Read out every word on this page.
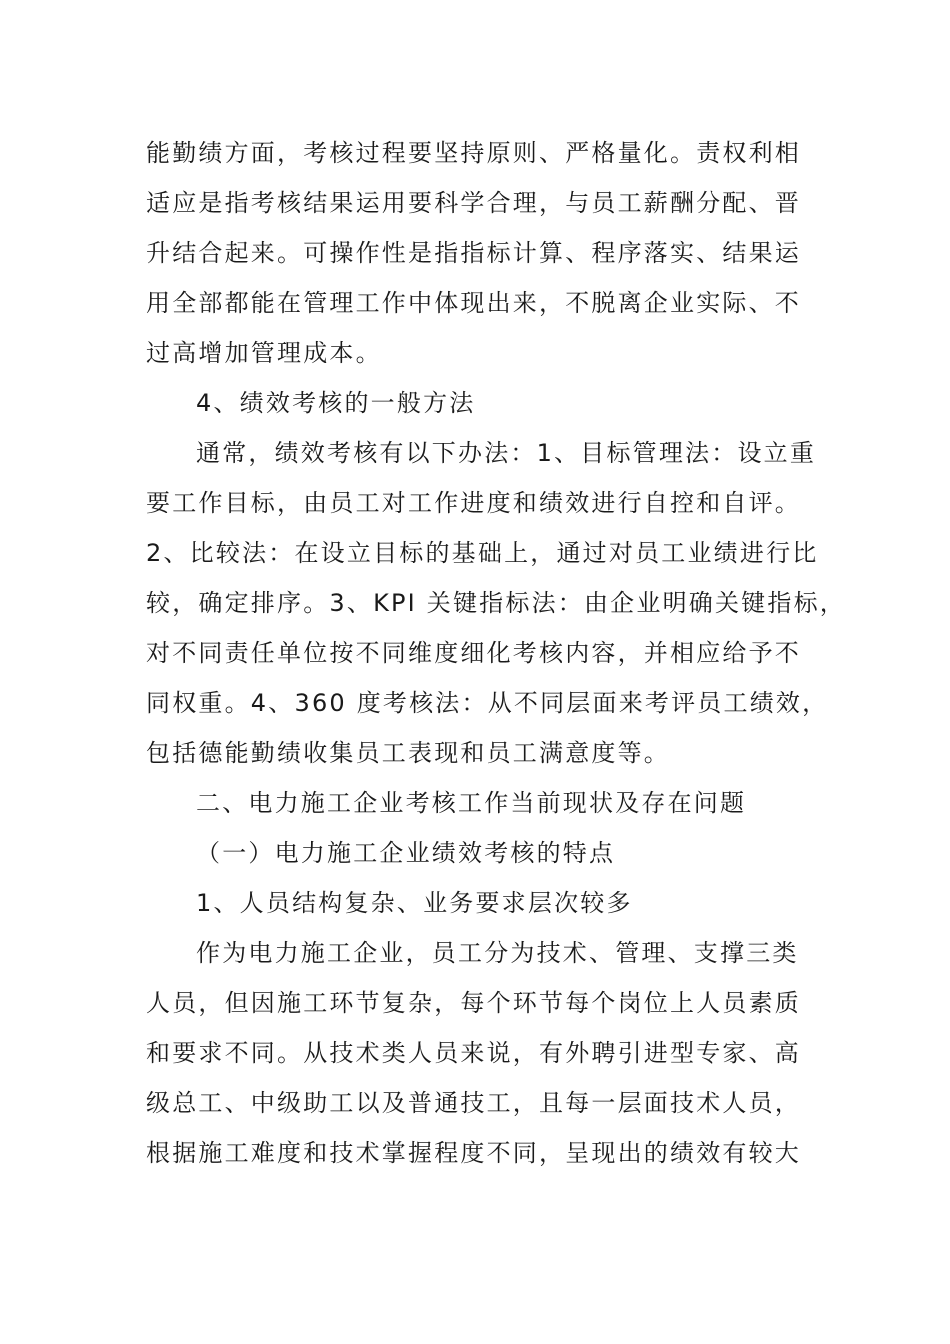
能勤绩方面，考核过程要坚持原则、严格量化。责权利相
适应是指考核结果运用要科学合理，与员工薪酬分配、晋
升结合起来。可操作性是指指标计算、程序落实、结果运
用全部都能在管理工作中体现出来，不脱离企业实际、不
过高增加管理成本。
4、绩效考核的一般方法
通常，绩效考核有以下办法：1、目标管理法：设立重
要工作目标，由员工对工作进度和绩效进行自控和自评。
2、比较法：在设立目标的基础上，通过对员工业绩进行比
较，确定排序。3、KPI 关键指标法：由企业明确关键指标，
对不同责任单位按不同维度细化考核内容，并相应给予不
同权重。4、360 度考核法：从不同层面来考评员工绩效，
包括德能勤绩收集员工表现和员工满意度等。
二、电力施工企业考核工作当前现状及存在问题
（一）电力施工企业绩效考核的特点
1、人员结构复杂、业务要求层次较多
作为电力施工企业，员工分为技术、管理、支撑三类
人员，但因施工环节复杂，每个环节每个岗位上人员素质
和要求不同。从技术类人员来说，有外聘引进型专家、高
级总工、中级助工以及普通技工，且每一层面技术人员，
根据施工难度和技术掌握程度不同，呈现出的绩效有较大
